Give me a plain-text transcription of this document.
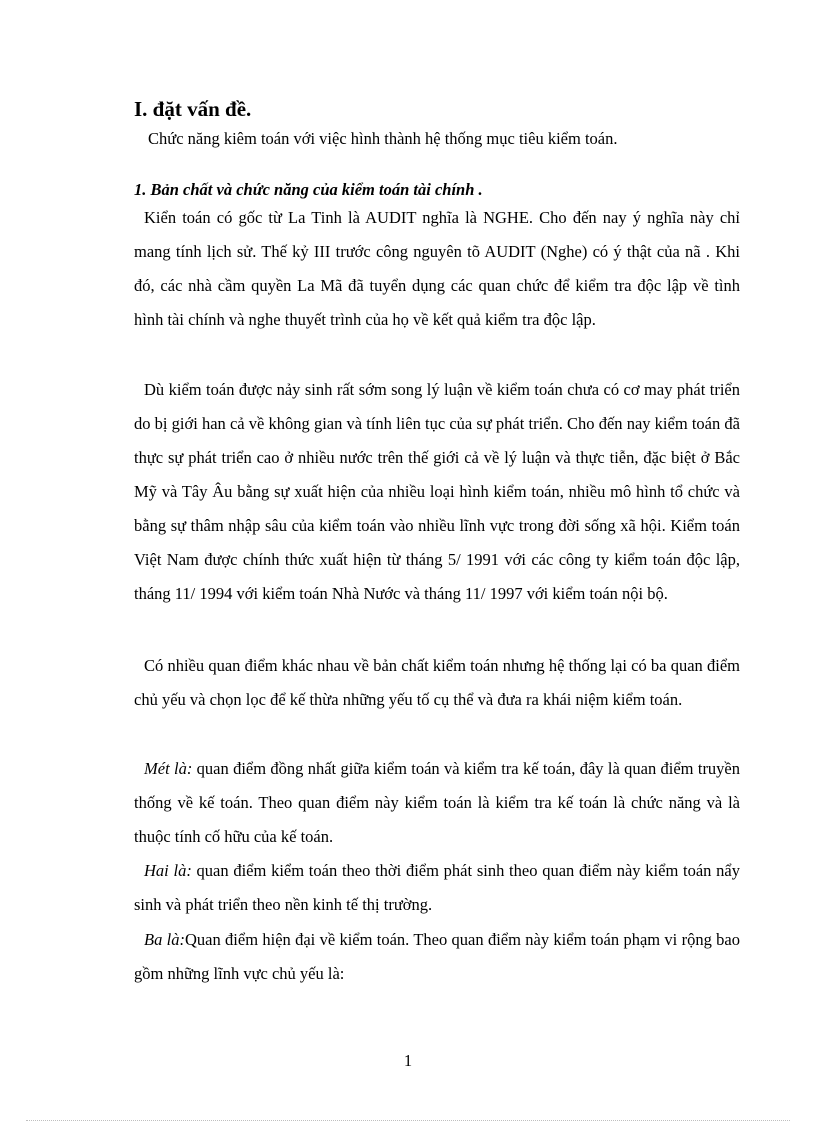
I. đặt vấn đề.
Chức năng kiêm toán với việc hình thành hệ thống mục tiêu kiểm toán.
1. Bản chất và chức năng của kiểm toán tài chính .
Kiển toán có gốc từ La Tinh là AUDIT nghĩa là NGHE. Cho đến nay ý nghĩa này chỉ mang tính lịch sử. Thế kỷ III trước công nguyên tõ AUDIT (Nghe) có ý thật của nã . Khi đó, các nhà cầm quyền La Mã đã tuyển dụng các quan chức để kiểm tra độc lập về tình hình tài chính và nghe thuyết trình của họ về kết quả kiểm tra độc lập.
Dù kiểm toán được nảy sinh rất sớm song lý luận về kiểm toán chưa có cơ may phát triển do bị giới han cả về không gian và tính liên tục của sự phát triển. Cho đến nay kiểm toán đã thực sự phát triển cao ở nhiều nước trên thế giới cả về lý luận và thực tiễn, đặc biệt ở Bắc Mỹ và Tây Âu bằng sự xuất hiện của nhiều loại hình kiểm toán, nhiều mô hình tổ chức và bằng sự thâm nhập sâu của kiểm toán vào nhiều lĩnh vực trong đời sống xã hội. Kiểm toán Việt Nam được chính thức xuất hiện từ tháng 5/ 1991 với các công ty kiểm toán độc lập, tháng 11/ 1994 với kiểm toán Nhà Nước và tháng 11/ 1997 với kiểm toán nội bộ.
Có nhiều quan điểm khác nhau về bản chất kiểm toán nhưng hệ thống lại có ba quan điểm chủ yếu và chọn lọc để kế thừa những yếu tố cụ thể và đưa ra khái niệm kiểm toán.
Mét là: quan điểm đồng nhất giữa kiểm toán và kiểm tra kế toán, đây là quan điểm truyền thống về kế toán. Theo quan điểm này kiểm toán là kiểm tra kế toán là chức năng và là thuộc tính cố hữu của kế toán.
Hai là: quan điểm kiểm toán theo thời điểm phát sinh theo quan điểm này kiểm toán nẩy sinh và phát triển theo nền kinh tế thị trường.
Ba là:Quan điểm hiện đại về kiểm toán. Theo quan điểm này kiểm toán phạm vi rộng bao gồm những lĩnh vực chủ yếu là:
1
